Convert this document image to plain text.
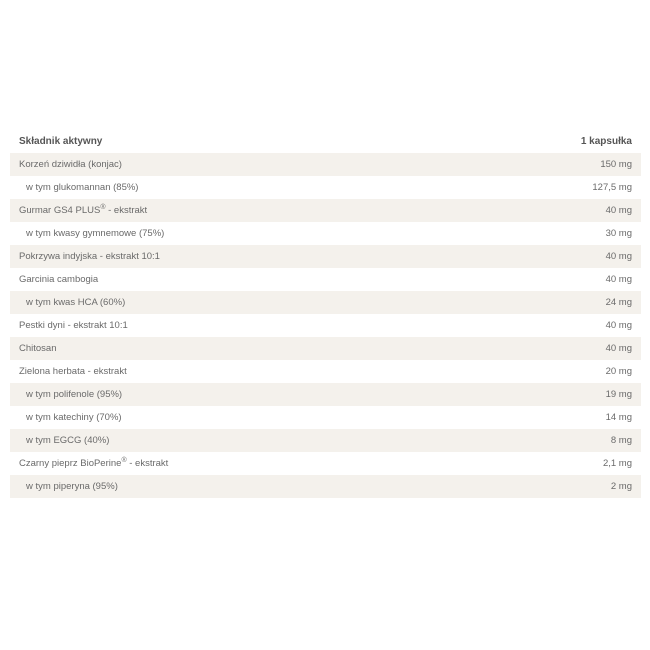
Składnik aktywny	1 kapsułka
Korzeń dziwidła (konjac)	150 mg
w tym glukomannan (85%)	127,5 mg
Gurmar GS4 PLUS® - ekstrakt	40 mg
w tym kwasy gymnemowe (75%)	30 mg
Pokrzywa indyjska - ekstrakt 10:1	40 mg
Garcinia cambogia	40 mg
w tym kwas HCA (60%)	24 mg
Pestki dyni - ekstrakt 10:1	40 mg
Chitosan	40 mg
Zielona herbata - ekstrakt	20 mg
w tym polifenole (95%)	19 mg
w tym katechiny (70%)	14 mg
w tym EGCG (40%)	8 mg
Czarny pieprz BioPerine® - ekstrakt	2,1 mg
w tym piperyna (95%)	2 mg
